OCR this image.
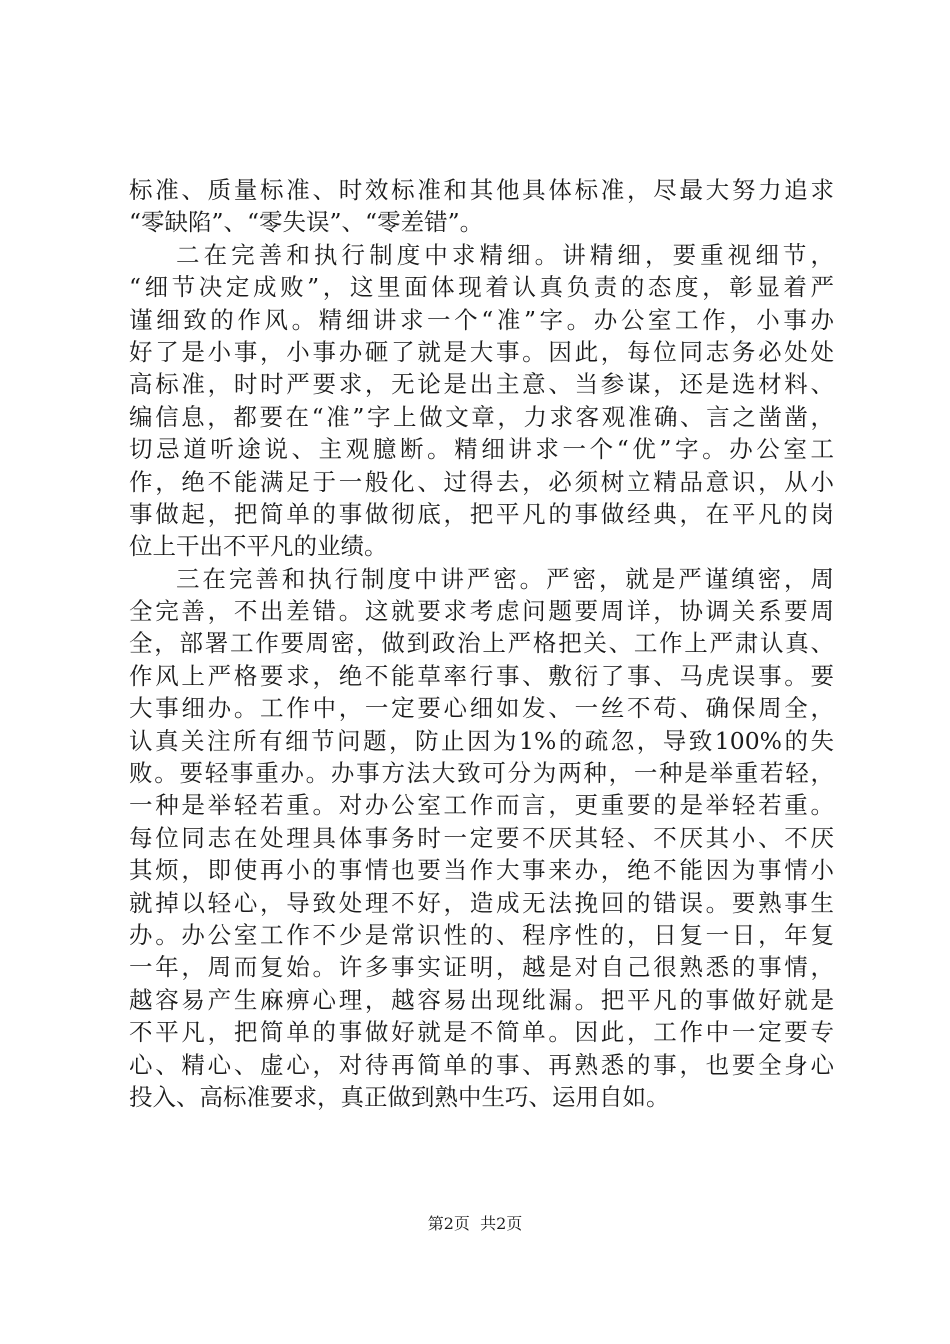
标准、质量标准、时效标准和其他具体标准，尽最大努力追求
“零缺陷”、“零失误”、“零差错”。
二在完善和执行制度中求精细。讲精细，要重视细节，
“细节决定成败”，这里面体现着认真负责的态度，彰显着严
谨细致的作风。精细讲求一个“准”字。办公室工作，小事办
好了是小事，小事办砸了就是大事。因此，每位同志务必处处
高标准，时时严要求，无论是出主意、当参谋，还是选材料、
编信息，都要在“准”字上做文章，力求客观准确、言之凿凿，
切忌道听途说、主观臆断。精细讲求一个“优”字。办公室工
作，绝不能满足于一般化、过得去，必须树立精品意识，从小
事做起，把简单的事做彻底，把平凡的事做经典，在平凡的岗
位上干出不平凡的业绩。
三在完善和执行制度中讲严密。严密，就是严谨缜密，周
全完善，不出差错。这就要求考虑问题要周详，协调关系要周
全，部署工作要周密，做到政治上严格把关、工作上严肃认真、
作风上严格要求，绝不能草率行事、敷衍了事、马虎误事。要
大事细办。工作中，一定要心细如发、一丝不苟、确保周全，
认真关注所有细节问题，防止因为1%的疏忽，导致100%的失
败。要轻事重办。办事方法大致可分为两种，一种是举重若轻，
一种是举轻若重。对办公室工作而言，更重要的是举轻若重。
每位同志在处理具体事务时一定要不厌其轻、不厌其小、不厌
其烦，即使再小的事情也要当作大事来办，绝不能因为事情小
就掉以轻心，导致处理不好，造成无法挽回的错误。要熟事生
办。办公室工作不少是常识性的、程序性的，日复一日，年复
一年，周而复始。许多事实证明，越是对自己很熟悉的事情，
越容易产生麻痹心理，越容易出现纰漏。把平凡的事做好就是
不平凡，把简单的事做好就是不简单。因此，工作中一定要专
心、精心、虚心，对待再简单的事、再熟悉的事，也要全身心
投入、高标准要求，真正做到熟中生巧、运用自如。
第2页  共2页
